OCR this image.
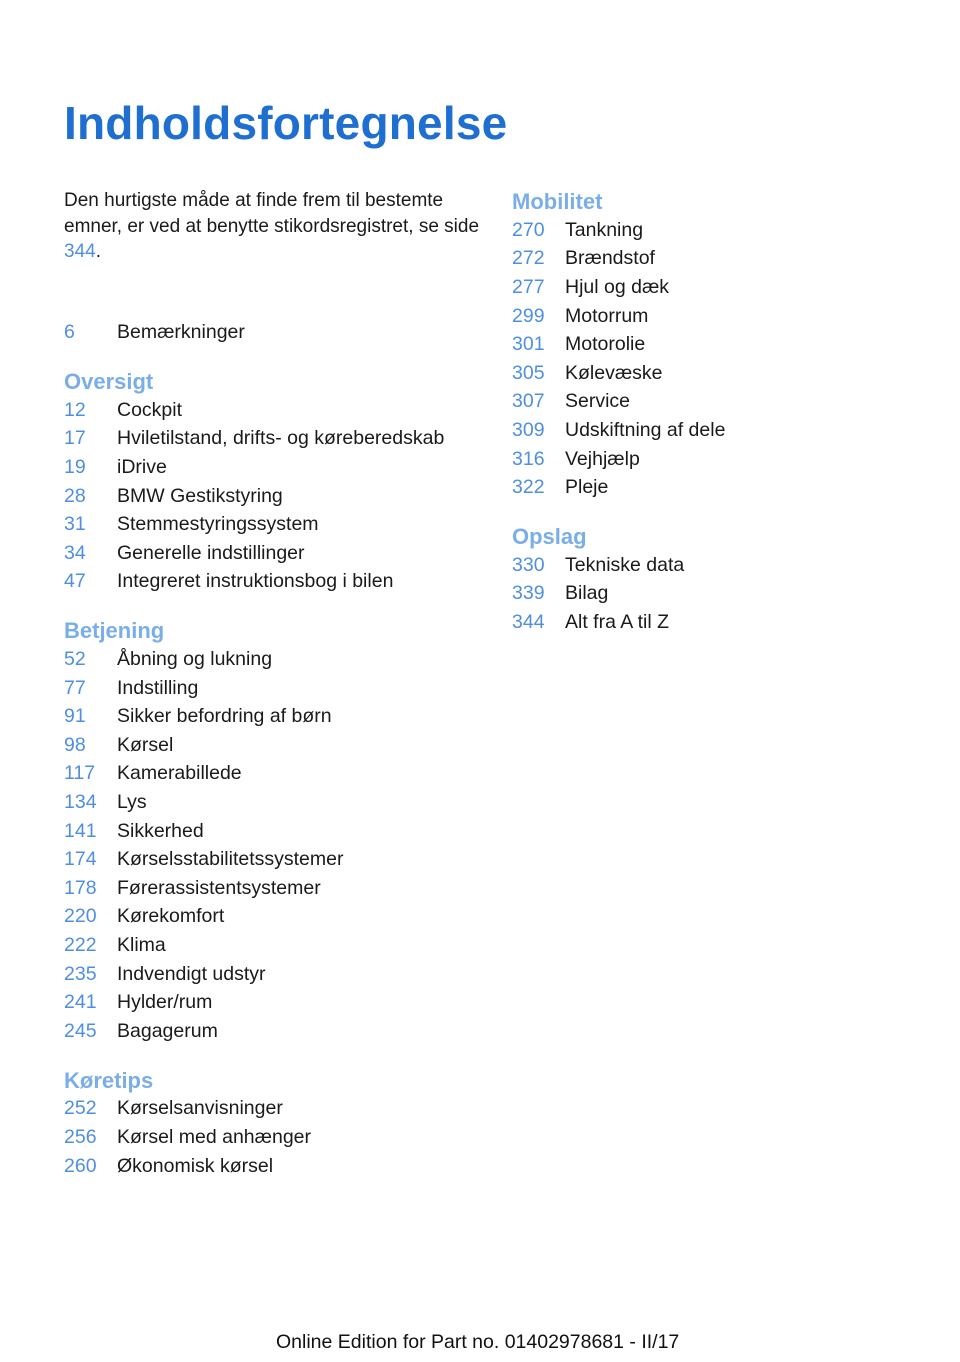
Indholdsfortegnelse

Den hurtigste måde at finde frem til bestemte emner, er ved at benytte stikordsregistret, se side 344.

6	Bemærkninger
Oversigt
12	Cockpit
17	Hviletilstand, drifts- og køreberedskab
19	iDrive
28	BMW Gestikstyring
31	Stemmestyringssystem
34	Generelle indstillinger
47	Integreret instruktionsbog i bilen
Betjening
52	Åbning og lukning
77	Indstilling
91	Sikker befordring af børn
98	Kørsel
117	Kamerabillede
134	Lys
141	Sikkerhed
174	Kørselsstabilitetssystemer
178	Førerassistentsystemer
220	Kørekomfort
222	Klima
235	Indvendigt udstyr
241	Hylder/rum
245	Bagagerum
Køretips
252	Kørselsanvisninger
256	Kørsel med anhænger
260	Økonomisk kørsel
Mobilitet
270	Tankning
272	Brændstof
277	Hjul og dæk
299	Motorrum
301	Motorolie
305	Kølevæske
307	Service
309	Udskiftning af dele
316	Vejhjælp
322	Pleje
Opslag
330	Tekniske data
339	Bilag
344	Alt fra A til Z
Online Edition for Part no. 01402978681 - II/17
